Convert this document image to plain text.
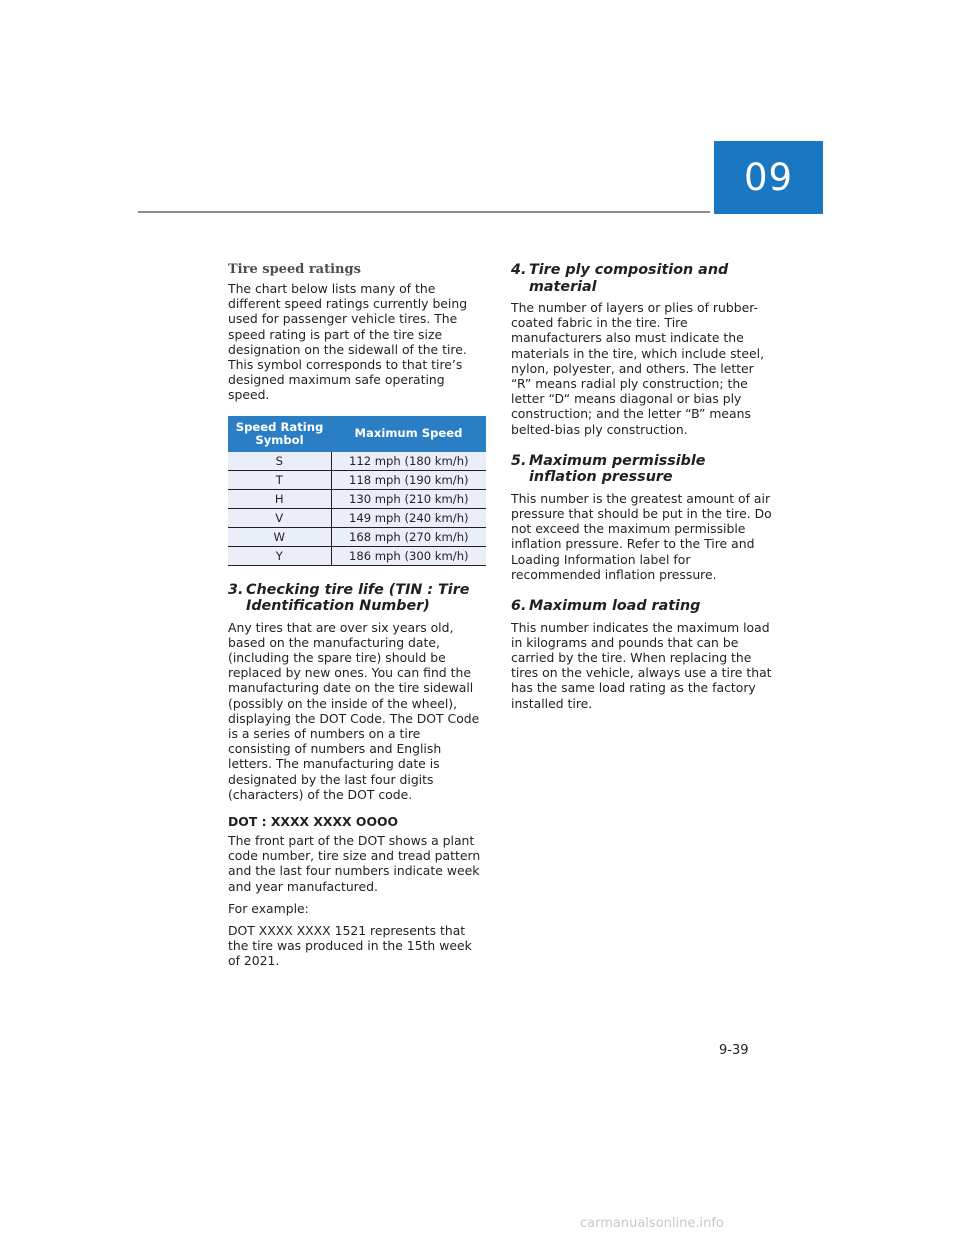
09
Tire speed ratings

The chart below lists many of the different speed ratings currently being used for passenger vehicle tires. The speed rating is part of the tire size designation on the sidewall of the tire. This symbol corresponds to that tire’s designed maximum safe operating speed.

Speed Rating Symbol	Maximum Speed
S	112 mph (180 km/h)
T	118 mph (190 km/h)
H	130 mph (210 km/h)
V	149 mph (240 km/h)
W	168 mph (270 km/h)
Y	186 mph (300 km/h)
3. Checking tire life (TIN : Tire Identification Number)

Any tires that are over six years old, based on the manufacturing date, (including the spare tire) should be replaced by new ones. You can find the manufacturing date on the tire sidewall (possibly on the inside of the wheel), displaying the DOT Code. The DOT Code is a series of numbers on a tire consisting of numbers and English letters. The manufacturing date is designated by the last four digits (characters) of the DOT code.

DOT : XXXX XXXX OOOO

The front part of the DOT shows a plant code number, tire size and tread pattern and the last four numbers indicate week and year manufactured.

For example:

DOT XXXX XXXX 1521 represents that the tire was produced in the 15th week of 2021.

4. Tire ply composition and material

The number of layers or plies of rubber-coated fabric in the tire. Tire manufacturers also must indicate the materials in the tire, which include steel, nylon, polyester, and others. The letter “R” means radial ply construction; the letter “D“ means diagonal or bias ply construction; and the letter “B” means belted-bias ply construction.

5. Maximum permissible inflation pressure

This number is the greatest amount of air pressure that should be put in the tire. Do not exceed the maximum permissible inflation pressure. Refer to the Tire and Loading Information label for recommended inflation pressure.

6. Maximum load rating

This number indicates the maximum load in kilograms and pounds that can be carried by the tire. When replacing the tires on the vehicle, always use a tire that has the same load rating as the factory installed tire.

9-39
carmanualsonline.info
